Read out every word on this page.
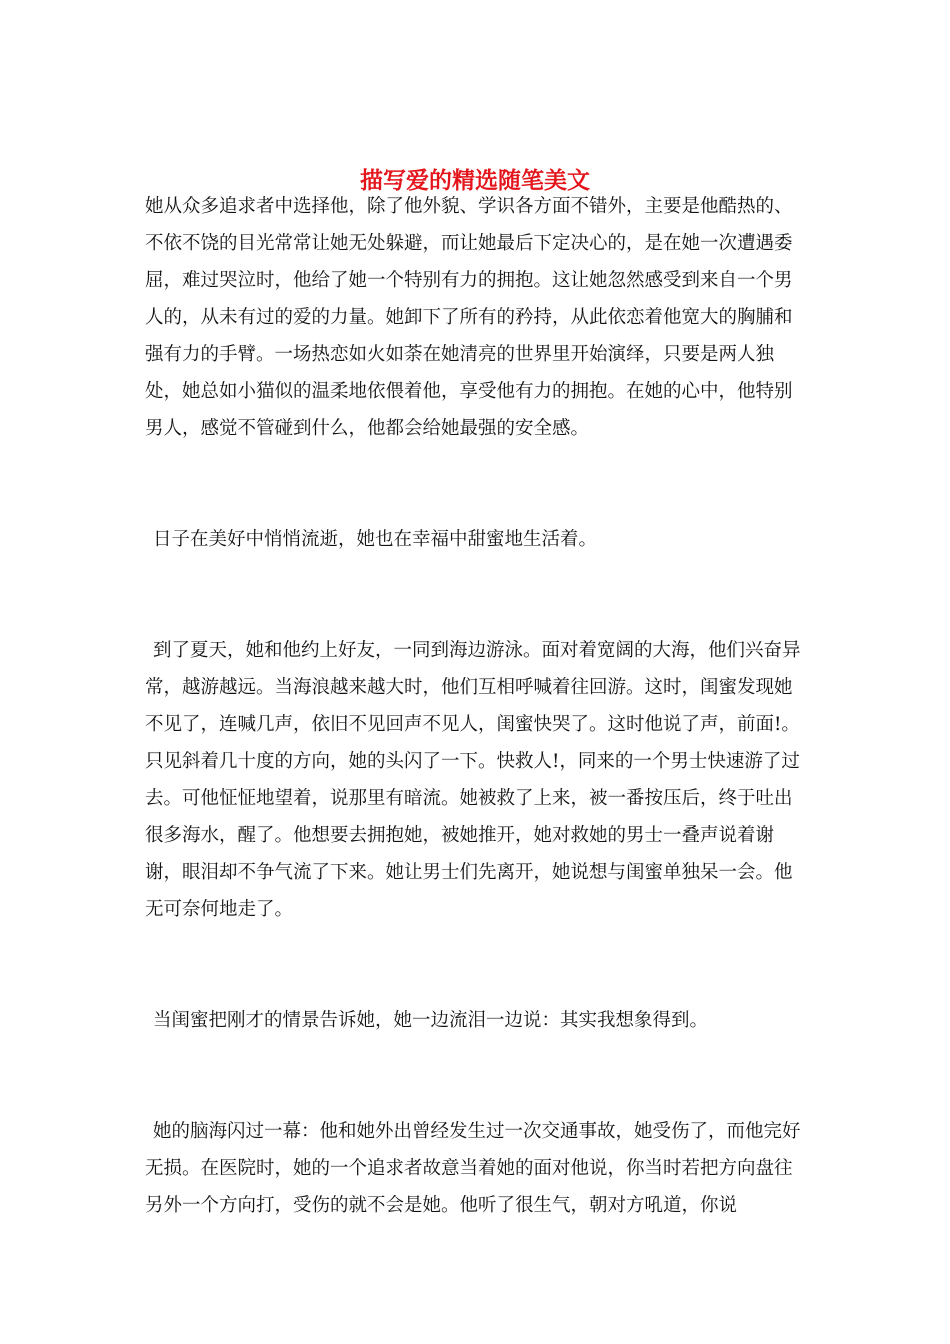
描写爱的精选随笔美文

她从众多追求者中选择他，除了他外貌、学识各方面不错外，主要是他酷热的、不依不饶的目光常常让她无处躲避，而让她最后下定决心的，是在她一次遭遇委屈，难过哭泣时，他给了她一个特别有力的拥抱。这让她忽然感受到来自一个男人的，从未有过的爱的力量。她卸下了所有的矜持，从此依恋着他宽大的胸脯和强有力的手臂。一场热恋如火如荼在她清亮的世界里开始演绎，只要是两人独处，她总如小猫似的温柔地依偎着他，享受他有力的拥抱。在她的心中，他特别男人，感觉不管碰到什么，他都会给她最强的安全感。

日子在美好中悄悄流逝，她也在幸福中甜蜜地生活着。

到了夏天，她和他约上好友，一同到海边游泳。面对着宽阔的大海，他们兴奋异常，越游越远。当海浪越来越大时，他们互相呼喊着往回游。这时，闺蜜发现她不见了，连喊几声，依旧不见回声不见人，闺蜜快哭了。这时他说了声，前面!。只见斜着几十度的方向，她的头闪了一下。快救人!，同来的一个男士快速游了过去。可他怔怔地望着，说那里有暗流。她被救了上来，被一番按压后，终于吐出很多海水，醒了。他想要去拥抱她，被她推开，她对救她的男士一叠声说着谢谢，眼泪却不争气流了下来。她让男士们先离开，她说想与闺蜜单独呆一会。他无可奈何地走了。

当闺蜜把刚才的情景告诉她，她一边流泪一边说：其实我想象得到。

她的脑海闪过一幕：他和她外出曾经发生过一次交通事故，她受伤了，而他完好无损。在医院时，她的一个追求者故意当着她的面对他说，你当时若把方向盘往另外一个方向打，受伤的就不会是她。他听了很生气，朝对方吼道，你说
